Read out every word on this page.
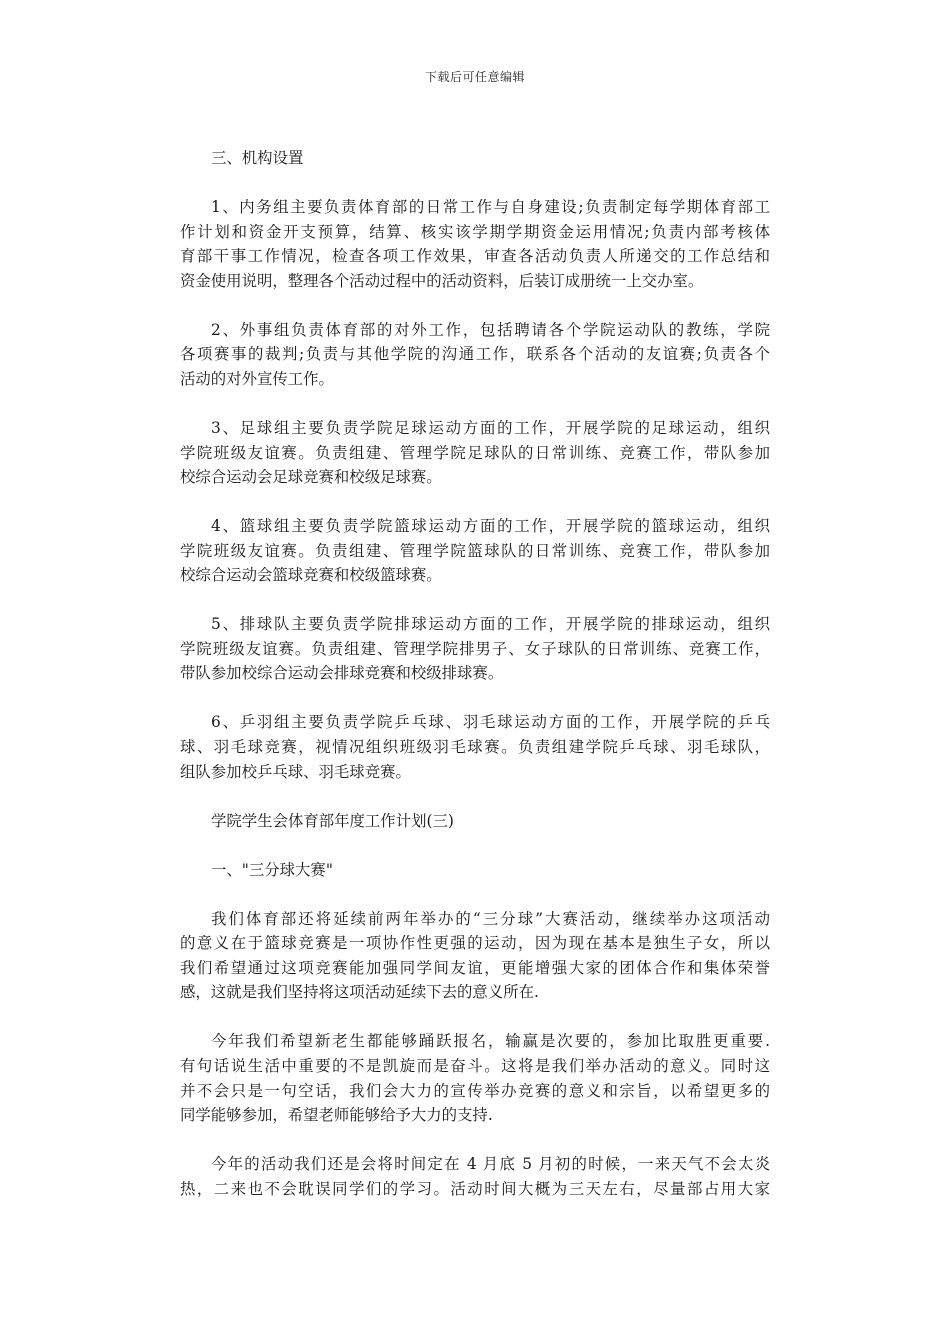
下载后可任意编辑
三、机构设置
1、内务组主要负责体育部的日常工作与自身建设;负责制定每学期体育部工
作计划和资金开支预算，结算、核实该学期学期资金运用情况;负责内部考核体
育部干事工作情况，检查各项工作效果，审查各活动负责人所递交的工作总结和
资金使用说明，整理各个活动过程中的活动资料，后装订成册统一上交办室。
2、外事组负责体育部的对外工作，包括聘请各个学院运动队的教练，学院
各项赛事的裁判;负责与其他学院的沟通工作，联系各个活动的友谊赛;负责各个
活动的对外宣传工作。
3、足球组主要负责学院足球运动方面的工作，开展学院的足球运动，组织
学院班级友谊赛。负责组建、管理学院足球队的日常训练、竞赛工作，带队参加
校综合运动会足球竞赛和校级足球赛。
4、篮球组主要负责学院篮球运动方面的工作，开展学院的篮球运动，组织
学院班级友谊赛。负责组建、管理学院篮球队的日常训练、竞赛工作，带队参加
校综合运动会篮球竞赛和校级篮球赛。
5、排球队主要负责学院排球运动方面的工作，开展学院的排球运动，组织
学院班级友谊赛。负责组建、管理学院排男子、女子球队的日常训练、竞赛工作，
带队参加校综合运动会排球竞赛和校级排球赛。
6、乒羽组主要负责学院乒乓球、羽毛球运动方面的工作，开展学院的乒乓
球、羽毛球竞赛，视情况组织班级羽毛球赛。负责组建学院乒乓球、羽毛球队，
组队参加校乒乓球、羽毛球竞赛。
学院学生会体育部年度工作计划(三)
一、"三分球大赛"
我们体育部还将延续前两年举办的“三分球”大赛活动，继续举办这项活动
的意义在于篮球竞赛是一项协作性更强的运动，因为现在基本是独生子女，所以
我们希望通过这项竞赛能加强同学间友谊，更能增强大家的团体合作和集体荣誉
感，这就是我们坚持将这项活动延续下去的意义所在.
今年我们希望新老生都能够踊跃报名，输赢是次要的，参加比取胜更重要.
有句话说生活中重要的不是凯旋而是奋斗。这将是我们举办活动的意义。同时这
并不会只是一句空话，我们会大力的宣传举办竞赛的意义和宗旨，以希望更多的
同学能够参加，希望老师能够给予大力的支持.
今年的活动我们还是会将时间定在 4 月底 5 月初的时候，一来天气不会太炎
热，二来也不会耽误同学们的学习。活动时间大概为三天左右，尽量部占用大家
